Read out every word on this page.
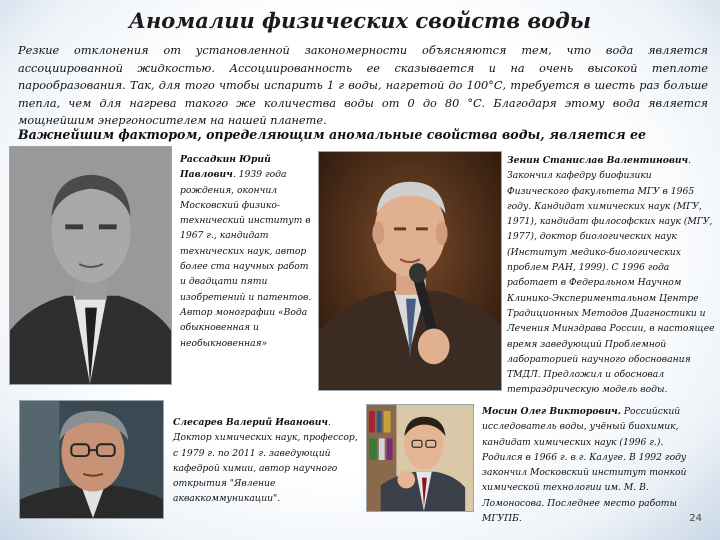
Аномалии физических свойств воды
Резкие отклонения от установленной закономерности объясняются тем, что вода является ассоциированной жидкостью. Ассоциированность ее сказывается и на очень высокой теплоте парообразования. Так, для того чтобы испарить 1 г воды, нагретой до 100°С, требуется в шесть раз больше тепла, чем для нагрева такого же количества воды от 0 до 80 °С. Благодаря этому вода является мощнейшим энергоносителем на нашей планете.
Важнейшим фактором, определяющим аномальные свойства воды, является ее
Рассадкин Юрий Павлович. 1939 года рождения, окончил Московский физико-технический институт в 1967 г., кандидат технических наук, автор более ста научных работ и двадцати пяти изобретений и патентов. Автор монографии «Вода обыкновенная и необыкновенная»
Зенин Станислав Валентинович. Закончил кафедру биофизики Физического факультета МГУ в 1965 году. Кандидат химических наук (МГУ, 1971), кандидат философских наук (МГУ, 1977), доктор биологических наук (Институт медико-биологических проблем РАН, 1999). С 1996 года работает в Федеральном Научном Клинико-Экспериментальном Центре Традиционных Методов Диагностики и Лечения Минздрава России, в настоящее время заведующий Проблемной лабораторией научного обоснования ТМДЛ. Предложил и обосновал тетраэдрическую модель воды.
Слесарев Валерий Иванович. Доктор химических наук, профессор, с 1979 г. по 2011 г. заведующий кафедрой химии, автор научного открытия "Явление акваккоммуникации".
Мосин Олег Викторович. Российский исследователь воды, учёный биохимик, кандидат химических наук (1996 г.). Родился в 1966 г. в г. Калуге. В 1992 году закончил Московский институт тонкой химической технологии им. М. В. Ломоносова. Последнее место работы МГУПБ.	24
